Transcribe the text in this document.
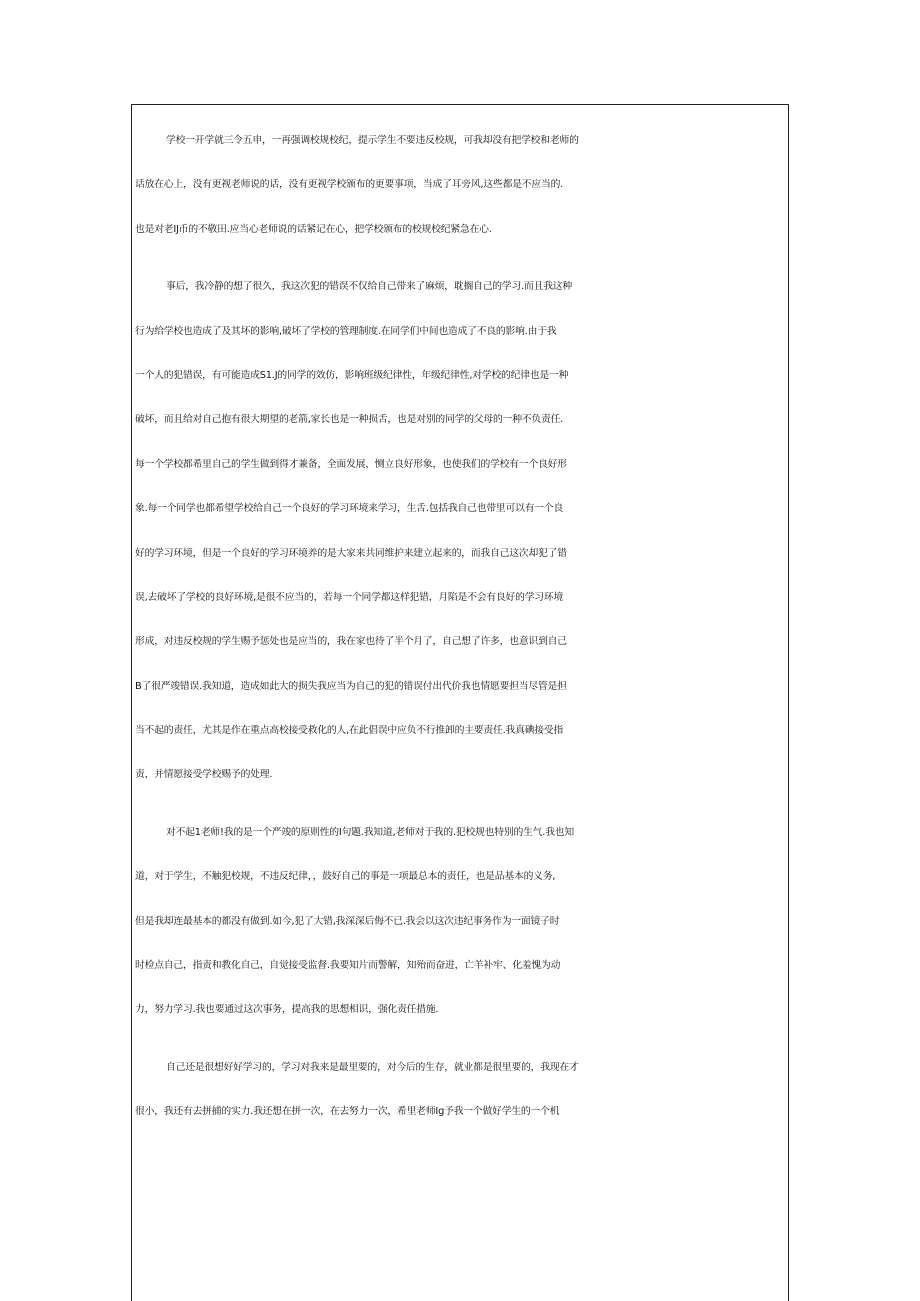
学校一开学就三令五申，一再强调校规校纪，提示学生不要违反校规，可我却没有把学校和老师的
话放在心上，没有更视老师说的话，没有更视学校颁布的更要事项，当成了耳旁风,这些都是不应当的.
也是对老IJ币的不敬田.应当心老师说的话紧记在心，把学校颁布的校规校纪紧急在心.
事后，我冷静的想了很久，我这次犯的错误不仅给自己带来了麻烦，耽搁自己的学习.而且我这种
行为给学校也造成了及其坏的影响,破坏了学校的管理制度.在同学们中间也造成了不良的影响.由于我
一个人的犯错误，有可能造成S1.J的同学的效仿，影响班级纪律性，年级纪律性,对学校的纪律也是一种
破坏，而且给对自己抱有很大期望的老箭,家长也是一种损舌，也是对别的同学的父母的一种不负责任.
每一个学校都希里自己的学生做到得才兼备，全面发展，恻立良好形象，也使我们的学校有一个良好形
象.每一个同学也都希望学校给自己一个良好的学习环境来学习，生舌.包括我自己也带里可以有一个良
好的学习环境，但是一个良好的学习环境养的是大家来共同维护来建立起来的，而我自己这次却犯了错
误,去破坏了学校的良好环境,是很不应当的，若每一个同学都这样犯错，月陷是不会有良好的学习环境
形成，对违反校规的学生赐予惩处也是应当的，我在家也待了半个月了，自己想了许多，也意识到自己
B了很严竣错误.我知道，造成如此大的损失我应当为自己的犯的错误付出代价我也情愿要担当尽管是担
当不起的责任，尤其是作在重点高校接受救化的人,在此倡误中应负不行推卸的主要责任.我真碘接受指
责，并情愿接受学校赐予的处理.
对不起1老师!我的是一个严竣的原则性的I句题.我知道,老师对于我的.犯校规也特别的生气.我也知
道，对于学生，不触犯校规，不违反纪律，，鼓好自己的事是一项最总本的责任，也是品基本的义务,
但是我却连最基本的都没有做到.如今,犯了大错,我深深后侮不已.我会以这次违纪事务作为一面镜子时
时检点自己，指责和教化自己，自觉接受监督.我要知片而警解，知殆而奋进，亡羊补牢、化羞愧为动
力，努力学习.我也要通过这次事务，提高我的思想相识，强化责任措施.
自己还是很想好好学习的，学习对我来是最里要的，对今后的生存，就业都是很里要的，我现在才
很小，我还有去拼捕的实力.我还想在拼一次，在去努力一次，希里老师Ig予我一个做好学生的一个机
